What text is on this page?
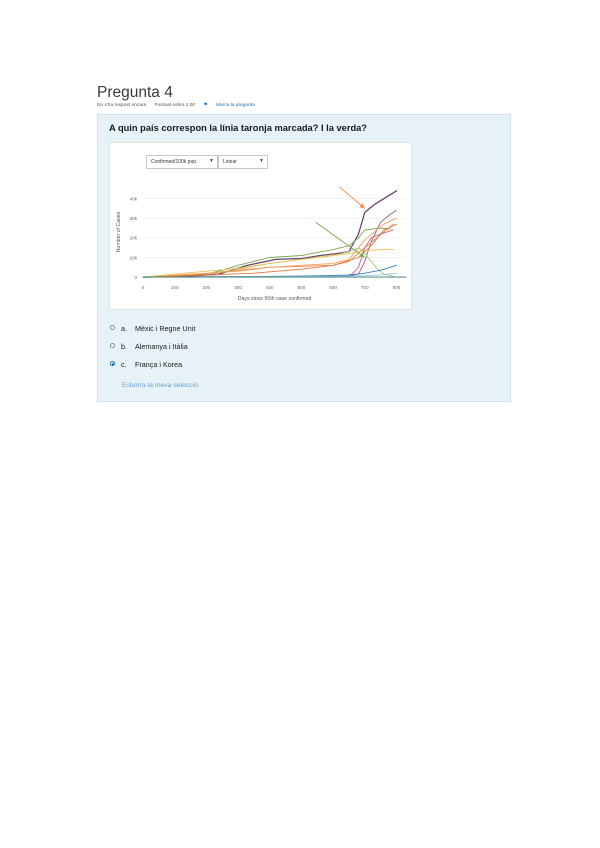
Pregunta 4
No s'ha respost encara Puntuat sobre 1,00 ⚑ Marca la pregunta
A quin país correspon la línia taronja marcada? I la verda?
Confirmed/100k pop. ▼	Linear	▼
0
10k
20k
30k
40k
0	100	200	300	400	500	600	700	800
Days since 50th case confirmed
Number of Cases
a. Mèxic i Regne Unit
b. Alemanya i Itàlia
c. França i Korea
Esborra la meva selecció
